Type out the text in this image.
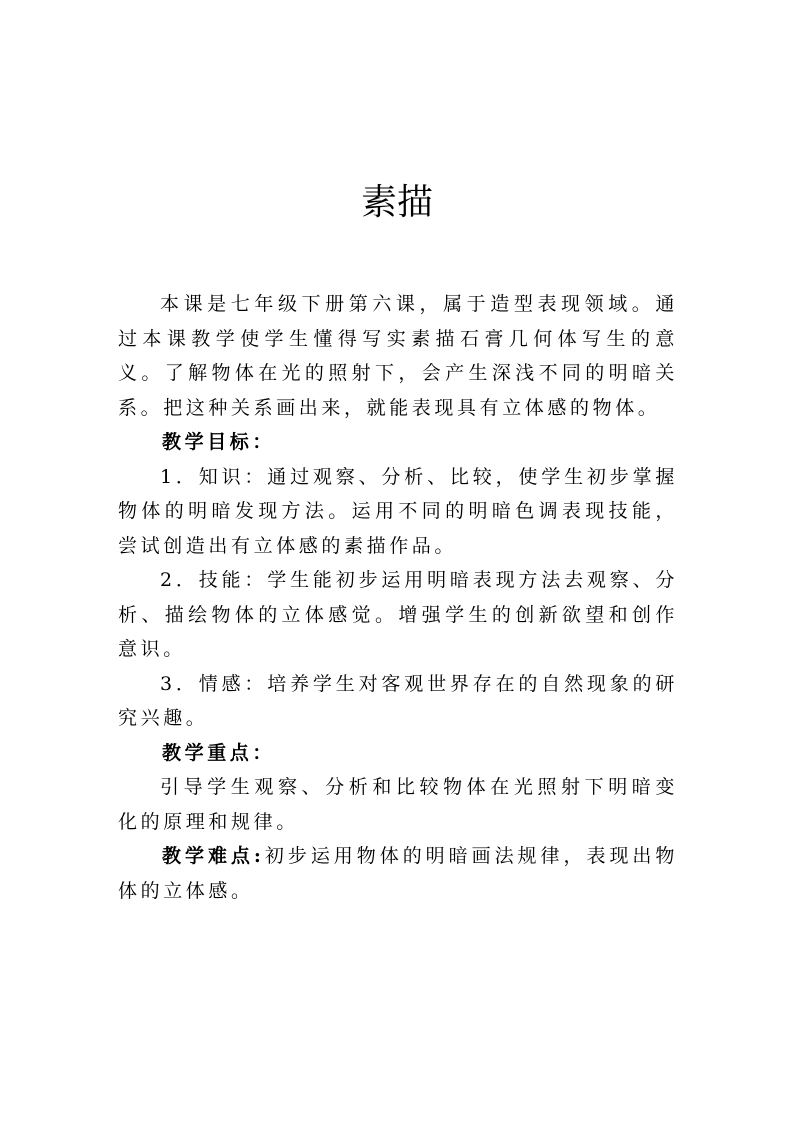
素描

本课是七年级下册第六课，属于造型表现领域。通过本课教学使学生懂得写实素描石膏几何体写生的意义。了解物体在光的照射下，会产生深浅不同的明暗关系。把这种关系画出来，就能表现具有立体感的物体。

教学目标：

1．知识：通过观察、分析、比较，使学生初步掌握物体的明暗发现方法。运用不同的明暗色调表现技能，尝试创造出有立体感的素描作品。

2．技能：学生能初步运用明暗表现方法去观察、分析、描绘物体的立体感觉。增强学生的创新欲望和创作意识。

3．情感：培养学生对客观世界存在的自然现象的研究兴趣。

教学重点：

引导学生观察、分析和比较物体在光照射下明暗变化的原理和规律。

教学难点:初步运用物体的明暗画法规律，表现出物体的立体感。
